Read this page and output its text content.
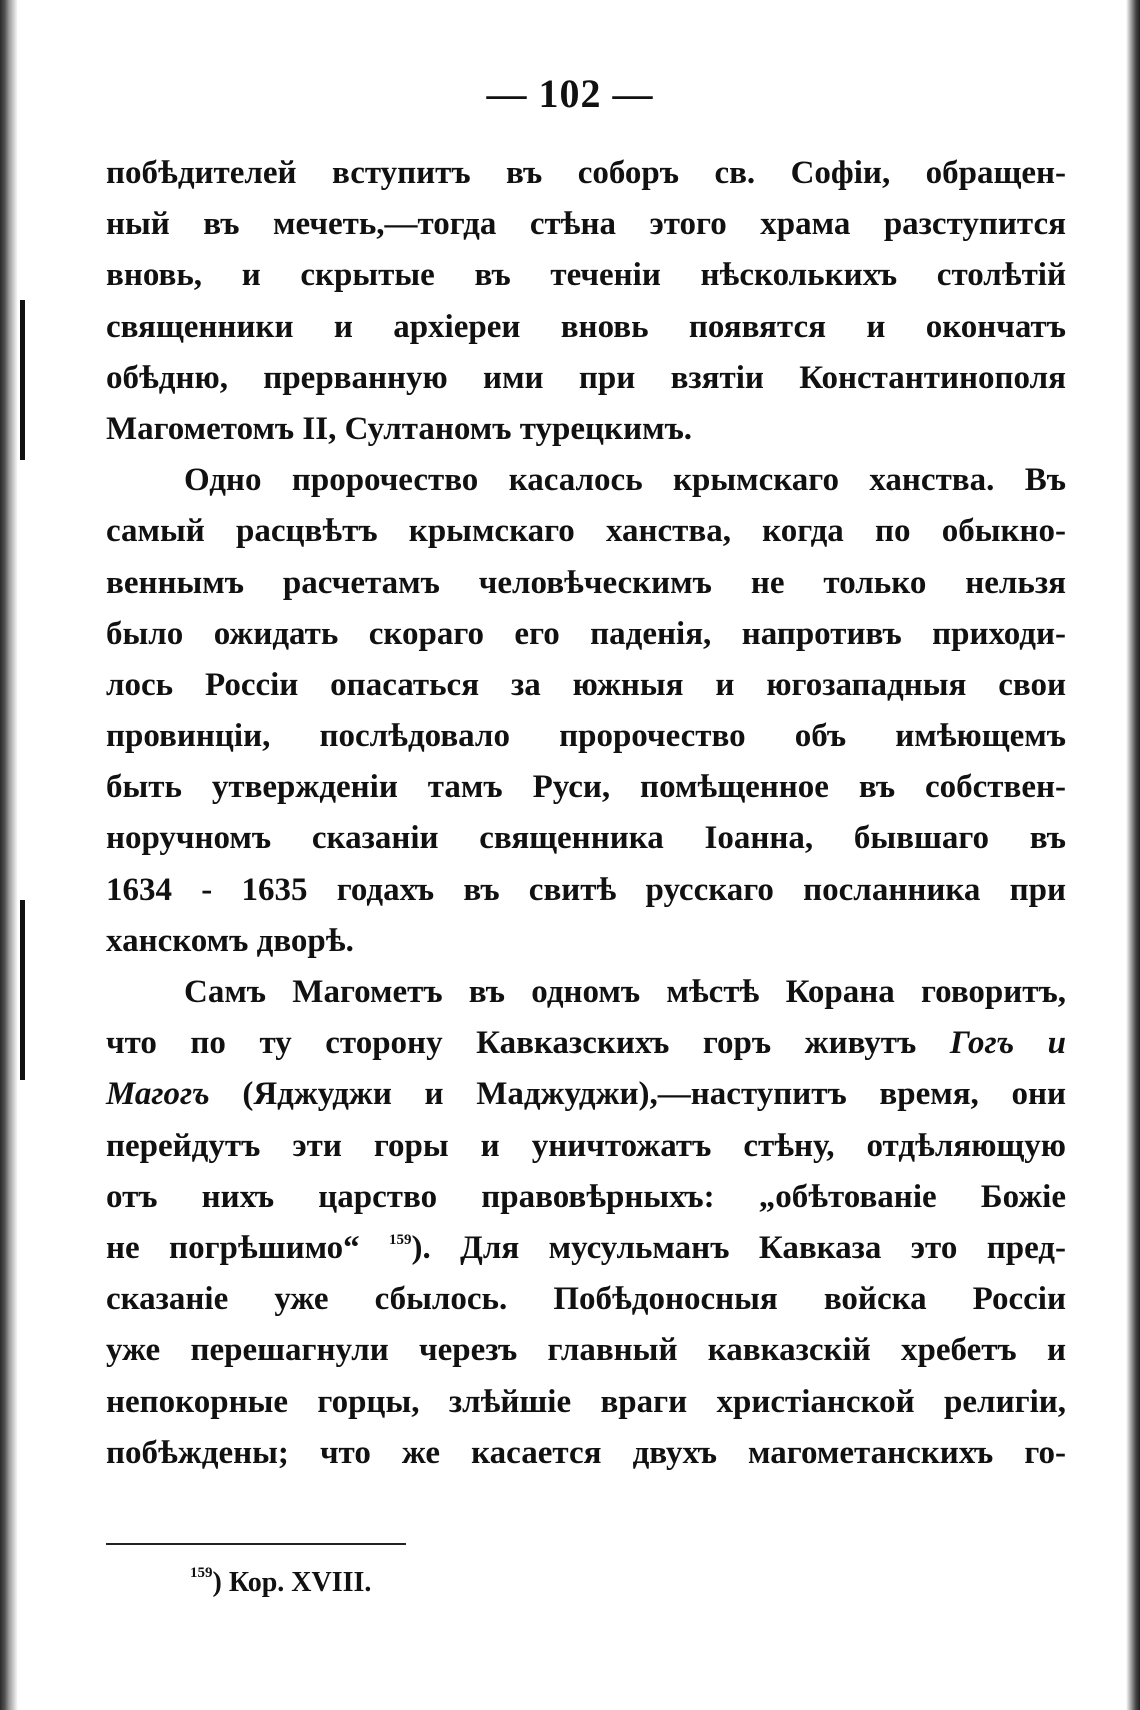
— 102 —
побѣдителей вступитъ въ соборъ св. Софіи, обращен-
ный въ мечеть,—тогда стѣна этого храма разступится
вновь, и скрытые въ теченіи нѣсколькихъ столѣтій
священники и архіереи вновь появятся и окончатъ
обѣдню, прерванную ими при взятіи Константинополя
Магометомъ II, Султаномъ турецкимъ.
Одно пророчество касалось крымскаго ханства. Въ
самый расцвѣтъ крымскаго ханства, когда по обыкно-
веннымъ расчетамъ человѣческимъ не только нельзя
было ожидать скораго его паденія, напротивъ приходи-
лось Россіи опасаться за южныя и югозападныя свои
провинціи, послѣдовало пророчество объ имѣющемъ
быть утвержденіи тамъ Руси, помѣщенное въ собствен-
норучномъ сказаніи священника Іоанна, бывшаго въ
1634 - 1635 годахъ въ свитѣ русскаго посланника при
ханскомъ дворѣ.
Самъ Магометъ въ одномъ мѣстѣ Корана говоритъ,
что по ту сторону Кавказскихъ горъ живутъ Гогъ и
Магогъ (Яджуджи и Маджуджи),—наступитъ время, они
перейдутъ эти горы и уничтожатъ стѣну, отдѣляющую
отъ нихъ царство правовѣрныхъ: „обѣтованіе Божіе
не погрѣшимо“ $^{159}$). Для мусульманъ Кавказа это пред-
сказаніе уже сбылось. Побѣдоносныя войска Россіи
уже перешагнули черезъ главный кавказскій хребетъ и
непокорные горцы, злѣйшіе враги христіанской религіи,
побѣждены; что же касается двухъ магометанскихъ го-
$^{159}$) Кор. XVIII.
